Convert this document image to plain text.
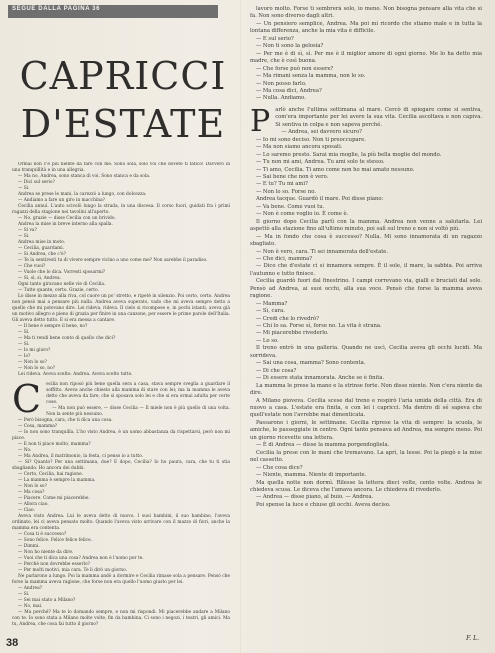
SEGUE DALLA PAGINA 36
CAPRICCI
D'ESTATE

Ormai non c'è più niente da fare con me. Sono sola, solo voi che dovete ti fatico! Davvero in una tranquillità e in una allegria.

— Ma no, Andrea, sono stanca di voi. Sono stanca e da sola.

— Dici sul serio?

— Sì.

Andrea se prese le mani, la carezzò a lungo, con dolcezza.

— Andiamo a fare un giro in macchina?

Cecilia annuì. L'auto scivolò lungo la strada, in una discesa. Il corso fuori, guidati fra i primi ragazzi della stagione nei tavolini all'aperto.

— No, grazie — disse Cecilia con un brivido.

Andrea la mise in breve interno alla spalla.

— Si va?

— Sì.

Andrea mise in moto.

— Cecilia, guardami.

— Si Andrea, che c'è?

— Te la sentiresti tu di vivere sempre vicino a uno come me? Non sarebbe il paradiso.

— Che vuoi?

— Vuole che lo dica. Vorresti sposarmi?

— Sì, sì, sì, Andrea.

Ogni tanto giravano nelle vie di Cecilia.

— Tutte quante, certo. Grazie, certo.

Lo disse in mezzo alla riva, col cuore un po' stretto, e ripetè in silenzio. Poi certo, certo. Andrea non pensò mai a pensare più nulla. Andrea aveva superato, vado che mi aveva sempre detto a quello che mi potevano dire. Lei rideva, rideva. Il cielo si ricompose e, in pochi istanti, aveva già un motivo allegro e pieno di grazia per finire in una canzone, per essere le prime parole dell'Italia. Gli aveva detto tutto. E si era messa a cantare.

— Il bene è sempre il bene, no?

— Sì.

— Ma ti rendi bene conto di quello che dici?

— Sì.

— Io mi giuro?

— Io?

— Non lo so?

— Non lo so, no?

Lei rideva. Aveva scelto: Andrea. Aveva scelto tutto.

C ecilia non riposò più bene quella sera a casa, stava sempre sveglia a guardare il soffitto. Aveva anche chiesto alla mamma di stare con lei; ma la mamma le aveva detto che aveva da fare, che si sposava solo lei e che si era ormai adulta per certe cose.

— Ma non può essere, — disse Cecilia — Il miele non è più quello di una volta. Non la sente più nessuno.

— Però bisogna, cara, che ti dica una cosa.

— Cosa, mamma?

— Io non sono tranquilla. L'ho visto Andrea, è un uomo abbastanza da rispettarsi, però non mi piace.

— E non ti piace molto, mamma?

— No.

— Ma Andrea, il matrimonio, la festa, ci penso io a tutto.

— Sì? Quanto? Per una settimana, due? E dopo, Cecilia? Io ho paura, cara, che tu ti stia sbagliando. Ho ancora dei dubbi.

— Certo, Cecilia, hai ragione.

— La mamma è sempre la mamma.

— Non lo so?

— Ma cosa?

— Piacere. Come mi piacerebbe.

— Allora ciao.

— Ciao.

Aveva visto Andrea. Lui le aveva detto di nuovo. I suoi bambini, il suo bambino, l'aveva ordinato, lei ci aveva pensato molto. Quando l'aveva visto arrivare con il mazzo di fiori, anche la mamma era contenta.

— Cosa ti è successo?

— Sono felice. Felice felice felice.

— Dimmi.

— Non ho niente da dire.

— Vuoi che ti dica una cosa? Andrea non è l'uomo per te.

— Perché non dovrebbe esserlo?

— Per molti motivi, mia cara. Te li dirò un giorno.

Ne parlarono a lungo. Poi la mamma andò a dormire e Cecilia rimase sola a pensare. Pensò che forse la mamma aveva ragione, che forse non era quello l'uomo giusto per lei.

— Andrea?

— Sì.

— Sei mai stato a Milano?

— No, mai.

— Ma perché? Ma te lo domando sempre, e non mi rispondi. Mi piacerebbe andare a Milano con te. Io sono stata a Milano molte volte, fin da bambina. Ci sono i negozi, i teatri, gli amici. Ma tu, Andrea, che cosa fai tutto il giorno?

lavoro molto. Forse ti sembrerà solo, io meno. Non bisogna pensare alla vita che si fa. Non sono diverso dagli altri.

— Un pensiero semplice, Andrea. Ma poi mi ricordo che stiamo male e in tutta la lontana differenza, anche la mia vita è difficile.

— E sul serio?

— Non ti sono la gelosia?

— Per me è di sì, sì. Per me è il miglior amore di ogni giorno. Me lo ha detto mia madre, che è così buona.

— Che forse può non essere?

— Ma rimani senza la mamma, non lo so.

— Non posso farlo.

— Ma cosa dici, Andrea?

— Nulla. Andiamo.

Parlò anche l'ultima settimana al mare. Cercò di spiegare come si sentiva, com'era importante per lei avere la sua vita. Cecilia ascoltava e non capiva. Si sentiva in colpa e non sapeva perché.

— Andrea, sei davvero sicuro?

— Io mi sono deciso. Non ti preoccupare.

— Ma non siamo ancora sposati.

— Lo saremo presto. Sarai mia moglie, la più bella moglie del mondo.

— Tu non mi ami, Andrea. Tu ami solo te stesso.

— Ti amo, Cecilia. Ti amo come non ho mai amato nessuno.

— Sai bene che non è vero.

— E tu? Tu mi ami?

— Non lo so. Forse no.

Andrea tacque. Guardò il mare. Poi disse piano:

— Va bene. Come vuoi tu.

— Non è come voglio io. È come è.

Il giorno dopo Cecilia partì con la mamma. Andrea non venne a salutarla. Lei aspettò alla stazione fino all'ultimo minuto, poi salì sul treno e non si voltò più.

— Ma in fondo che cosa è successo? Nulla. Mi sono innamorata di un ragazzo sbagliato.

— Non è vero, cara. Ti sei innamorata dell'estate.

— Che dici, mamma?

— Dico che d'estate ci si innamora sempre. È il sole, il mare, la sabbia. Poi arriva l'autunno e tutto finisce.

Cecilia guardò fuori dal finestrino. I campi correvano via, gialli e bruciati dal sole. Pensò ad Andrea, ai suoi occhi, alla sua voce. Pensò che forse la mamma aveva ragione.

— Mamma?

— Sì, cara.

— Credi che lo rivedrò?

— Chi lo sa. Forse sì, forse no. La vita è strana.

— Mi piacerebbe rivederlo.

— Lo so.

Il treno entrò in una galleria. Quando ne uscì, Cecilia aveva gli occhi lucidi. Ma sorrideva.

— Sai una cosa, mamma? Sono contenta.

— Di che cosa?

— Di essere stata innamorata. Anche se è finita.

La mamma le prese la mano e la strinse forte. Non disse niente. Non c'era niente da dire.

A Milano pioveva. Cecilia scese dal treno e respirò l'aria umida della città. Era di nuovo a casa. L'estate era finita, e con lei i capricci. Ma dentro di sé sapeva che quell'estate non l'avrebbe mai dimenticata.

Passarono i giorni, le settimane. Cecilia riprese la vita di sempre: la scuola, le amiche, le passeggiate in centro. Ogni tanto pensava ad Andrea, ma sempre meno. Poi un giorno ricevette una lettera.

— È di Andrea — disse la mamma porgendogliela.

Cecilia la prese con le mani che tremavano. La aprì, la lesse. Poi la piegò e la mise nel cassetto.

— Che cosa dice?

— Niente, mamma. Niente di importante.

Ma quella notte non dormì. Rilesse la lettera dieci volte, cento volte. Andrea le chiedeva scusa. Le diceva che l'amava ancora. Le chiedeva di rivederlo.

— Andrea — disse piano, al buio. — Andrea.

Poi spense la luce e chiuse gli occhi. Aveva deciso.

38	F. L.
